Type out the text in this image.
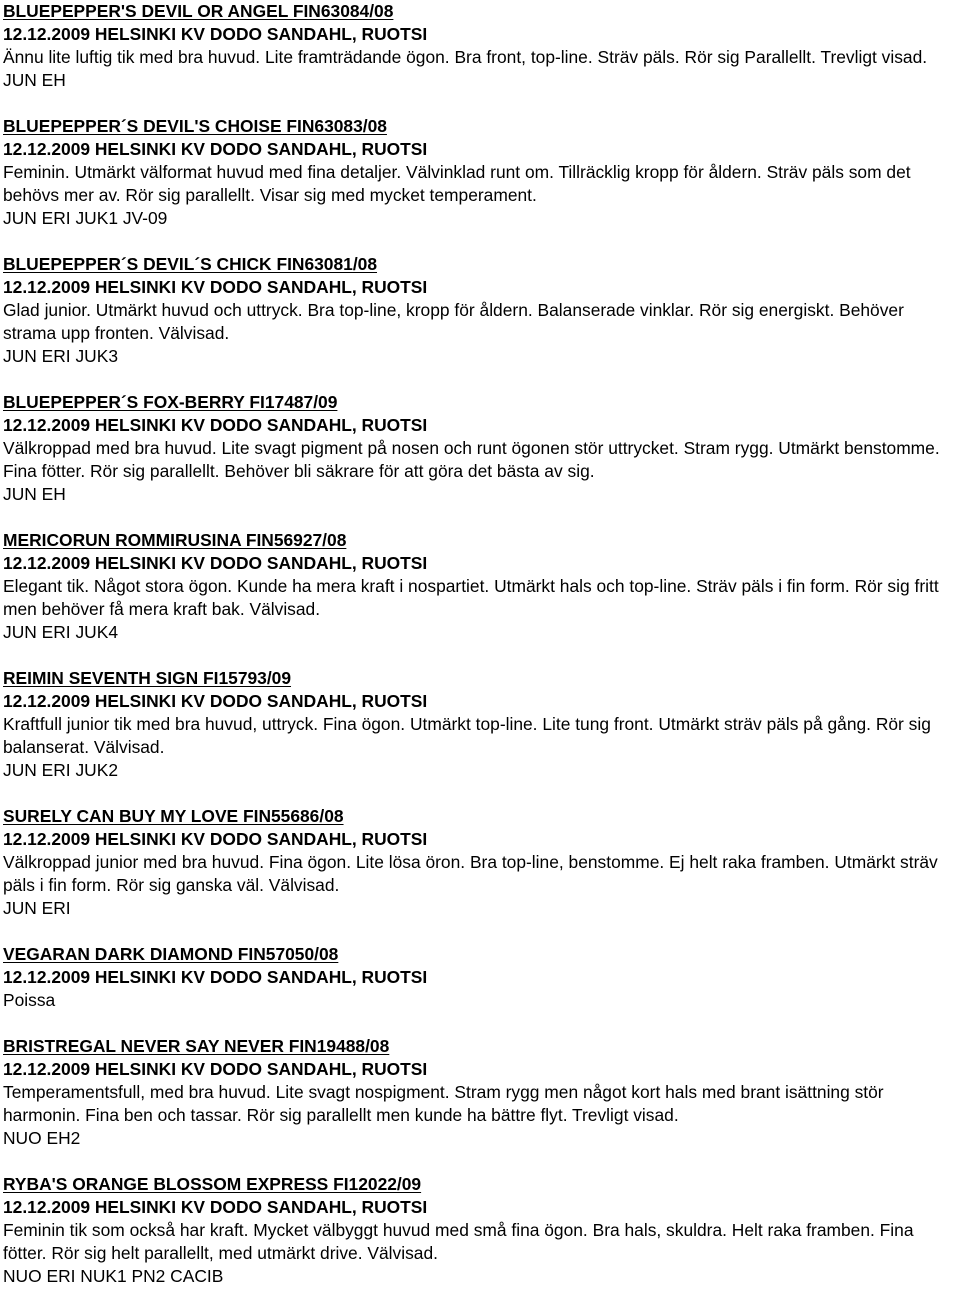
BLUEPEPPER'S DEVIL OR ANGEL FIN63084/08
12.12.2009 HELSINKI KV DODO SANDAHL, RUOTSI
Ännu lite luftig tik med bra huvud. Lite framträdande ögon. Bra front, top-line. Sträv päls. Rör sig Parallellt. Trevligt visad.
JUN EH
BLUEPEPPER´S DEVIL'S CHOISE FIN63083/08
12.12.2009 HELSINKI KV DODO SANDAHL, RUOTSI
Feminin. Utmärkt välformat huvud med fina detaljer. Välvinklad runt om. Tillräcklig kropp för åldern. Sträv päls som det behövs mer av. Rör sig parallellt. Visar sig med mycket temperament.
JUN ERI JUK1 JV-09
BLUEPEPPER´S DEVIL´S CHICK FIN63081/08
12.12.2009 HELSINKI KV DODO SANDAHL, RUOTSI
Glad junior. Utmärkt huvud och uttryck. Bra top-line, kropp för åldern. Balanserade vinklar. Rör sig energiskt. Behöver strama upp fronten. Välvisad.
JUN ERI JUK3
BLUEPEPPER´S FOX-BERRY FI17487/09
12.12.2009 HELSINKI KV DODO SANDAHL, RUOTSI
Välkroppad med bra huvud. Lite svagt pigment på nosen och runt ögonen stör uttrycket. Stram rygg. Utmärkt benstomme. Fina fötter. Rör sig parallellt. Behöver bli säkrare för att göra det bästa av sig.
JUN EH
MERICORUN ROMMIRUSINA FIN56927/08
12.12.2009 HELSINKI KV DODO SANDAHL, RUOTSI
Elegant tik. Något stora ögon. Kunde ha mera kraft i nospartiet. Utmärkt hals och top-line. Sträv päls i fin form. Rör sig fritt men behöver få mera kraft bak. Välvisad.
JUN ERI JUK4
REIMIN SEVENTH SIGN FI15793/09
12.12.2009 HELSINKI KV DODO SANDAHL, RUOTSI
Kraftfull junior tik med bra huvud, uttryck. Fina ögon. Utmärkt top-line. Lite tung front. Utmärkt sträv päls på gång. Rör sig balanserat. Välvisad.
JUN ERI JUK2
SURELY CAN BUY MY LOVE FIN55686/08
12.12.2009 HELSINKI KV DODO SANDAHL, RUOTSI
Välkroppad junior med bra huvud. Fina ögon. Lite lösa öron. Bra top-line, benstomme. Ej helt raka framben. Utmärkt sträv päls i fin form. Rör sig ganska väl. Välvisad.
JUN ERI
VEGARAN DARK DIAMOND FIN57050/08
12.12.2009 HELSINKI KV DODO SANDAHL, RUOTSI
Poissa
BRISTREGAL NEVER SAY NEVER FIN19488/08
12.12.2009 HELSINKI KV DODO SANDAHL, RUOTSI
Temperamentsfull, med bra huvud. Lite svagt nospigment. Stram rygg men något kort hals med brant isättning stör harmonin. Fina ben och tassar. Rör sig parallellt men kunde ha bättre flyt. Trevligt visad.
NUO EH2
RYBA'S ORANGE BLOSSOM EXPRESS FI12022/09
12.12.2009 HELSINKI KV DODO SANDAHL, RUOTSI
Feminin tik som också har kraft. Mycket välbyggt huvud med små fina ögon. Bra hals, skuldra. Helt raka framben. Fina fötter. Rör sig helt parallellt, med utmärkt drive. Välvisad.
NUO ERI NUK1 PN2 CACIB
